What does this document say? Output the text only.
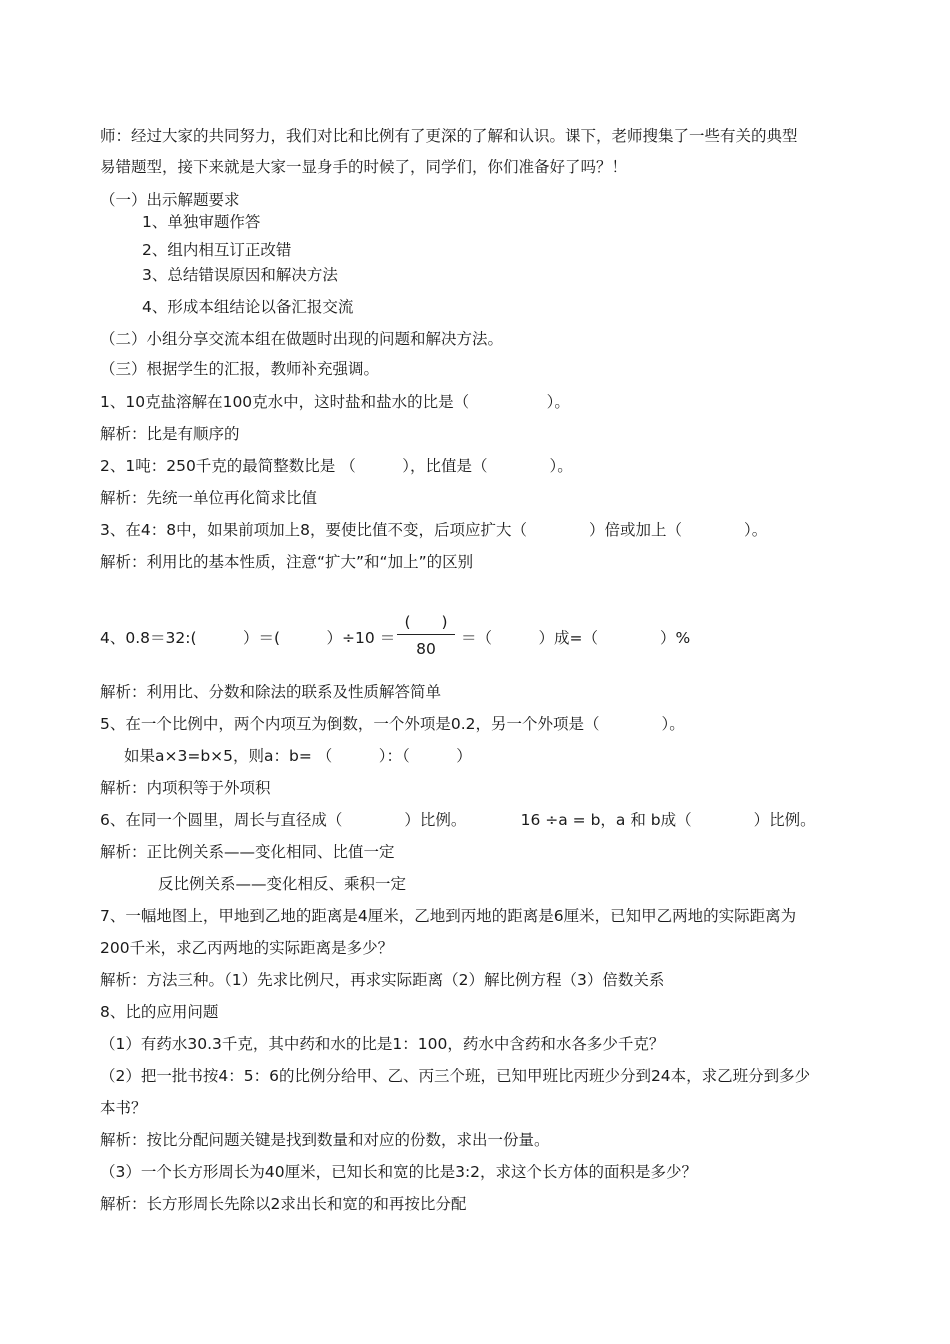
师：经过大家的共同努力，我们对比和比例有了更深的了解和认识。课下，老师搜集了一些有关的典型
易错题型，接下来就是大家一显身手的时候了，同学们，你们准备好了吗？！
（一）出示解题要求
1、单独审题作答
2、组内相互订正改错
3、总结错误原因和解决方法
4、形成本组结论以备汇报交流
（二）小组分享交流本组在做题时出现的问题和解决方法。
（三）根据学生的汇报，教师补充强调。
1、10克盐溶解在100克水中，这时盐和盐水的比是（　　　　　）。
解析：比是有顺序的
2、1吨：250千克的最简整数比是 （　　　），比值是（　　　　）。
解析：先统一单位再化简求比值
3、在4：8中，如果前项加上8，要使比值不变，后项应扩大（　　　　）倍或加上（　　　　）。
解析：利用比的基本性质，注意“扩大”和“加上”的区别
4、0.8＝32:(　　　）＝(　　　）÷10 ＝
(　　)
80
＝（　　　）成=（　　　　）%
解析：利用比、分数和除法的联系及性质解答简单
5、在一个比例中，两个内项互为倒数，一个外项是0.2，另一个外项是（　　　　）。
如果a×3=b×5，则a：b= （　　　）：（　　　）
解析：内项积等于外项积
6、在同一个圆里，周长与直径成（　　　　）比例。　　　　16 ÷a = b，a 和 b成（　　　　）比例。
解析：正比例关系——变化相同、比值一定
反比例关系——变化相反、乘积一定
7、一幅地图上，甲地到乙地的距离是4厘米，乙地到丙地的距离是6厘米，已知甲乙两地的实际距离为
200千米，求乙丙两地的实际距离是多少？
解析：方法三种。（1）先求比例尺，再求实际距离（2）解比例方程（3）倍数关系
8、比的应用问题
（1）有药水30.3千克，其中药和水的比是1：100，药水中含药和水各多少千克？
（2）把一批书按4：5：6的比例分给甲、乙、丙三个班，已知甲班比丙班少分到24本，求乙班分到多少
本书？
解析：按比分配问题关键是找到数量和对应的份数，求出一份量。
（3）一个长方形周长为40厘米，已知长和宽的比是3:2，求这个长方体的面积是多少？
解析：长方形周长先除以2求出长和宽的和再按比分配
